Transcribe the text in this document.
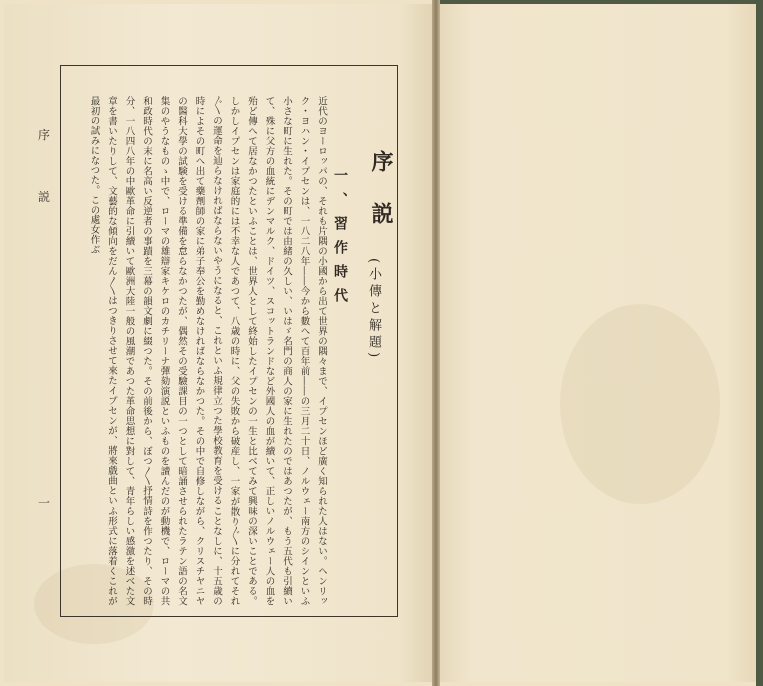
序
説	序説
(小傳と解題)
一、習作時代
近代のヨーロッパの、それも片隅の小國から出て世界の隅々まで、イプセンほど廣く知られた人はない。ヘンリック・ヨハン・イプセンは、一八二八年――今から數へて百年前――の三月二十日、ノルウェー南方のシインといふ小さな町に生れた。その町では由緒の久しい、いはゞ名門の商人の家に生れたのではあつたが、もう五代も引續いて、殊に父方の血統にデンマルク、ドイツ、スコットランドなど外國人の血が續いて、正しいノルウェー人の血を殆ど傳へて居なかつたといふことは、世界人として終始したイプセンの一生と比べてみて興味の深いことである。しかしイプセンは家庭的には不幸な人であつて、八歳の時に、父の失敗から破産し、一家が散り〴〵に分れてそれ〴〵の運命を辿らなければならないやうになると、これといふ規律立つた學校教育を受けることなしに、十五歳の時によその町へ出て藥劑師の家に弟子奉公を勤めなければならなかつた。その中で自修しながら、クリスチヤニヤの醫科大學の試験を受ける準備を怠らなかつたが、偶然その受驗課目の一つとして暗誦させられたラテン語の名文集のやうなものゝ中で、ローマの雄辯家キケロのカチリーナ彈劾演説といふものを讀んだのが動機で、ローマの共和政時代の末に名高い反逆者の事蹟を三幕の韻文劇に綴つた。その前後から、ぼつ〳〵抒情詩を作つたり、その時分、一八四八年の中歐革命に引續いて歐洲大陸一般の風潮であつた革命思想に對して、青年らしい感激を述べた文章を書いたりして、文藝的な傾向をだん〳〵はつきりさせて來たイプセンが、將來戲曲といふ形式に落着くこれが最初の試みになつた。この處女作ぶ
一
